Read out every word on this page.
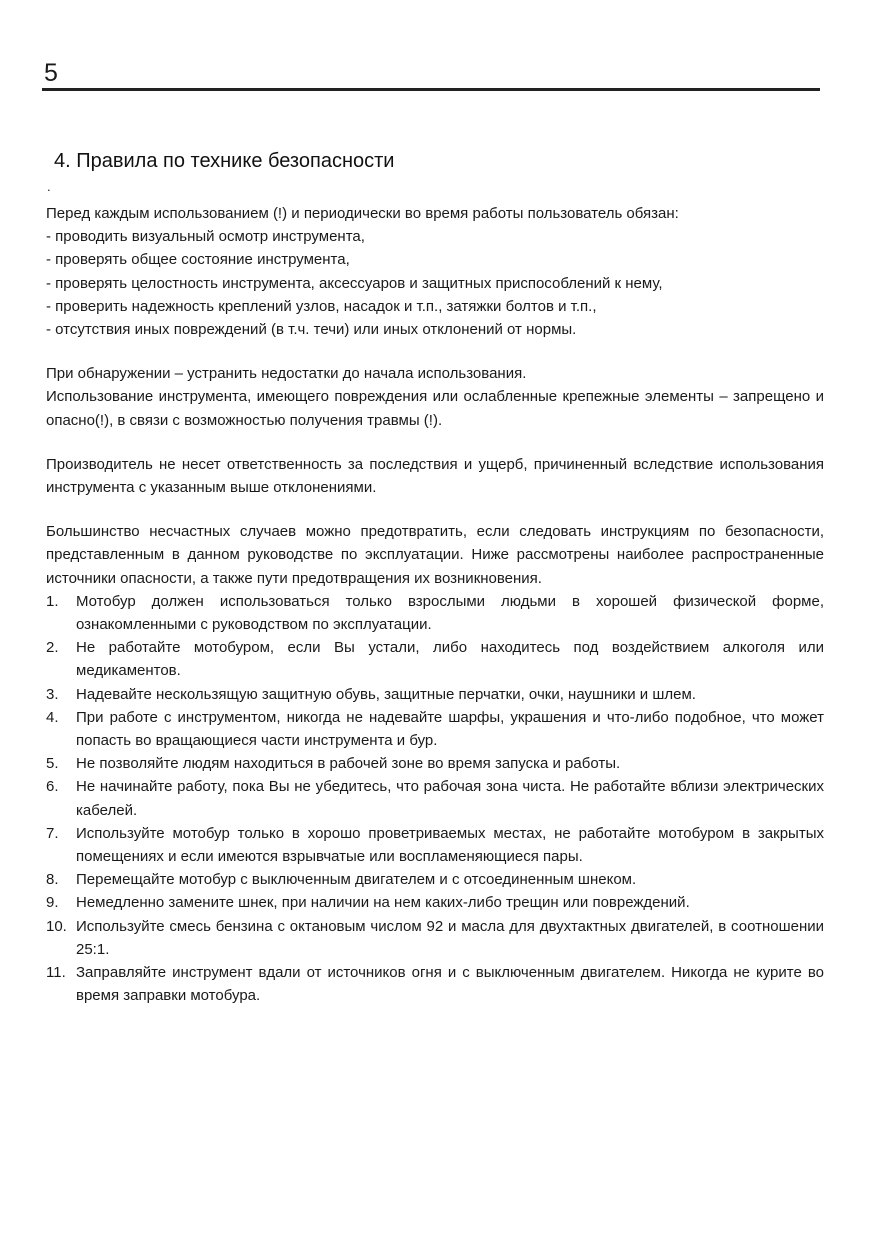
5
4. Правила по технике безопасности
.

Перед каждым использованием (!) и периодически во время работы пользователь обязан:

- проводить визуальный осмотр инструмента,
- проверять общее состояние инструмента,
- проверять целостность инструмента, аксессуаров и защитных приспособлений к нему,
- проверить надежность креплений узлов, насадок и т.п., затяжки болтов и т.п.,
- отсутствия иных повреждений (в т.ч. течи) или иных отклонений от нормы.

При обнаружении – устранить недостатки до начала использования.

Использование инструмента, имеющего повреждения или ослабленные крепежные элементы – запрещено и опасно(!), в связи с возможностью получения травмы (!).

Производитель не несет ответственность за последствия и ущерб, причиненный вследствие использования инструмента с указанным выше отклонениями.

Большинство несчастных случаев можно предотвратить, если следовать инструкциям по безопасности, представленным в данном руководстве по эксплуатации. Ниже рассмотрены наиболее распространенные источники опасности, а также пути предотвращения их возникновения.

1. Мотобур должен использоваться только взрослыми людьми в хорошей физической форме, ознакомленными с руководством по эксплуатации.
2. Не работайте мотобуром, если Вы устали, либо находитесь под воздействием алкоголя или медикаментов.
3. Надевайте нескользящую защитную обувь, защитные перчатки, очки, наушники и шлем.
4. При работе с инструментом, никогда не надевайте шарфы, украшения и что-либо подобное, что может попасть во вращающиеся части инструмента и бур.
5. Не позволяйте людям находиться в рабочей зоне во время запуска и работы.
6. Не начинайте работу, пока Вы не убедитесь, что рабочая зона чиста. Не работайте вблизи электрических кабелей.
7. Используйте мотобур только в хорошо проветриваемых местах, не работайте мотобуром в закрытых помещениях и если имеются взрывчатые или воспламеняющиеся пары.
8. Перемещайте мотобур с выключенным двигателем и с отсоединенным шнеком.
9. Немедленно замените шнек, при наличии на нем каких-либо трещин или повреждений.
10. Используйте смесь бензина с октановым числом 92 и масла для двухтактных двигателей, в соотношении 25:1.
11. Заправляйте инструмент вдали от источников огня и с выключенным двигателем. Никогда не курите во время заправки мотобура.
